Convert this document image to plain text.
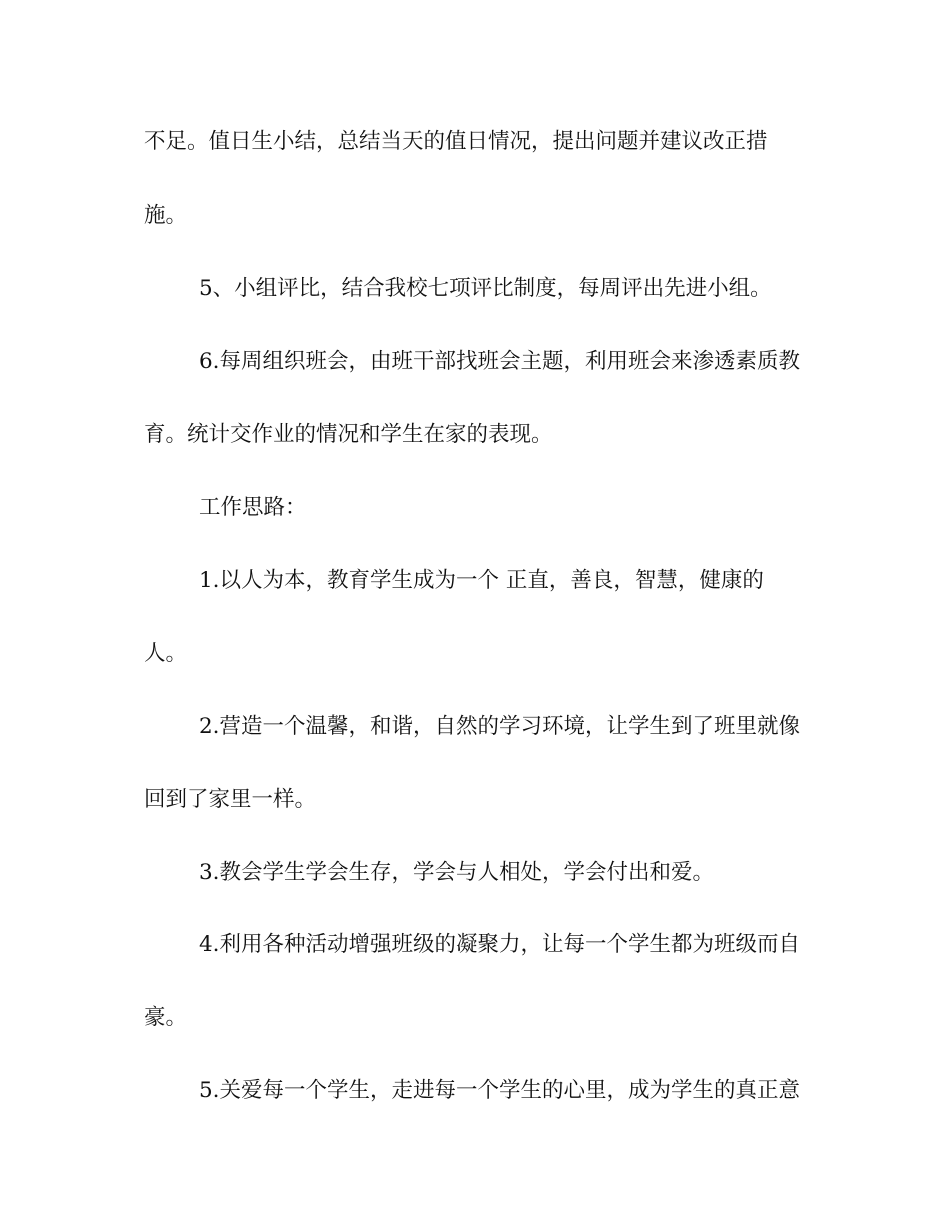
不足。值日生小结，总结当天的值日情况，提出问题并建议改正措
施。
5、小组评比，结合我校七项评比制度，每周评出先进小组。
6.每周组织班会，由班干部找班会主题，利用班会来渗透素质教
育。统计交作业的情况和学生在家的表现。
工作思路：
1.以人为本，教育学生成为一个 正直，善良，智慧，健康的
人。
2.营造一个温馨，和谐，自然的学习环境，让学生到了班里就像
回到了家里一样。
3.教会学生学会生存，学会与人相处，学会付出和爱。
4.利用各种活动增强班级的凝聚力，让每一个学生都为班级而自
豪。
5.关爱每一个学生，走进每一个学生的心里，成为学生的真正意
